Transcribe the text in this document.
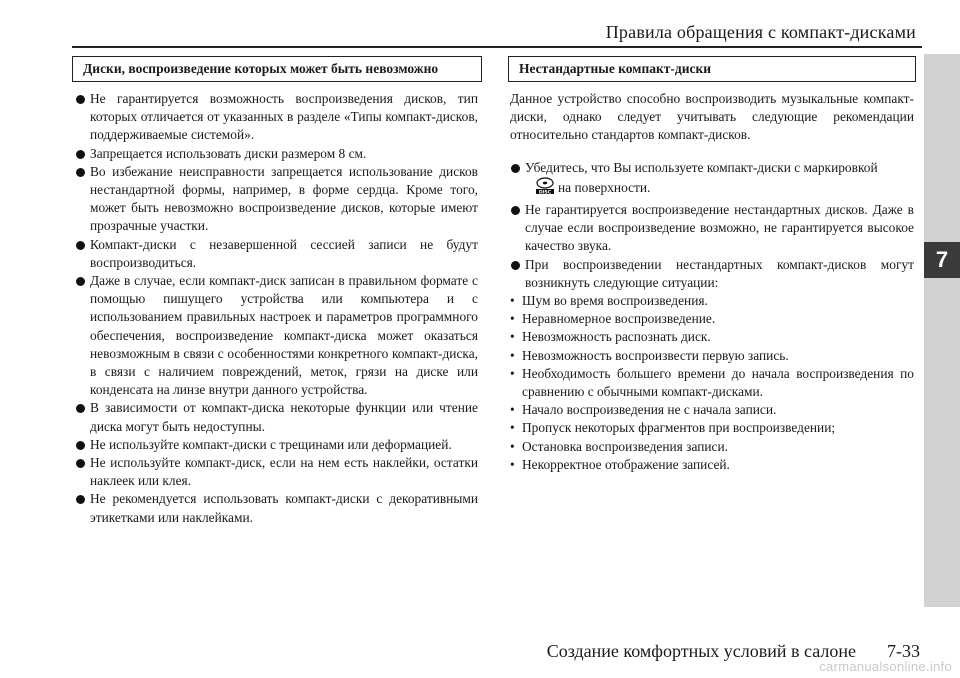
Правила обращения с компакт-дисками
7
Диски, воспроизведение которых может быть невозможно

Не гарантируется возможность воспроизведения дисков, тип которых отличается от указанных в разделе «Типы компакт-дисков, поддерживаемые системой».

Запрещается использовать диски размером 8 см.

Во избежание неисправности запрещается использование дисков нестандартной формы, например, в форме сердца. Кроме того, может быть невозможно воспроизведение дисков, которые имеют прозрачные участки.

Компакт-диски с незавершенной сессией записи не будут воспроизводиться.

Даже в случае, если компакт-диск записан в правильном формате с помощью пишущего устройства или компьютера и с использованием правильных настроек и параметров программного обеспечения, воспроизведение компакт-диска может оказаться невозможным в связи с особенностями конкретного компакт-диска, в связи с наличием повреждений, меток, грязи на диске или конденсата на линзе внутри данного устройства.

В зависимости от компакт-диска некоторые функции или чтение диска могут быть недоступны.

Не используйте компакт-диски с трещинами или деформацией.

Не используйте компакт-диск, если на нем есть наклейки, остатки наклеек или клея.

Не рекомендуется использовать компакт-диски с декоративными этикетками или наклейками.

Нестандартные компакт-диски

Данное устройство способно воспроизводить музыкальные компакт-диски, однако следует учитывать следующие рекомендации относительно стандартов компакт-дисков.

Убедитесь, что Вы используете компакт-диски с маркировкой

DISC на поверхности.

Не гарантируется воспроизведение нестандартных дисков. Даже в случае если воспроизведение возможно, не гарантируется высокое качество звука.

При воспроизведении нестандартных компакт-дисков могут возникнуть следующие ситуации:

• Шум во время воспроизведения.

• Неравномерное воспроизведение.

• Невозможность распознать диск.

• Невозможность воспроизвести первую запись.

• Необходимость большего времени до начала воспроизведения по сравнению с обычными компакт-дисками.

• Начало воспроизведения не с начала записи.

• Пропуск некоторых фрагментов при воспроизведении;

• Остановка воспроизведения записи.

• Некорректное отображение записей.

Создание комфортных условий в салоне 7-33
carmanualsonline.info
